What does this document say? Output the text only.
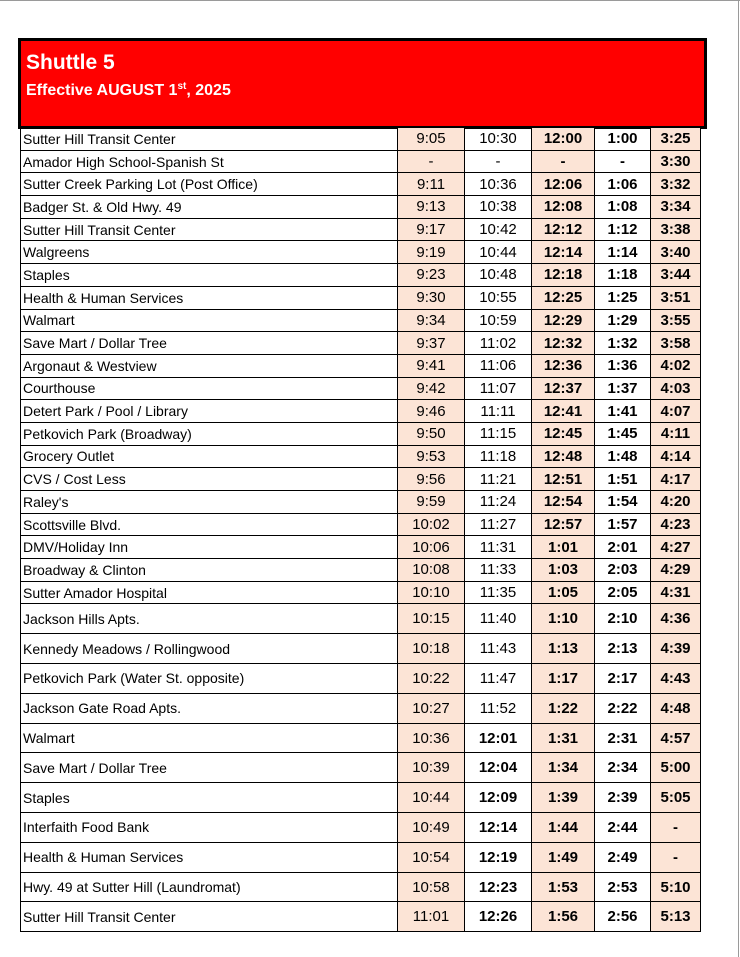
Shuttle 5
Effective AUGUST 1st, 2025
Sutter Hill Transit Center	9:05	10:30	12:00	1:00	3:25
Amador High School-Spanish St	-	-	-	-	3:30
Sutter Creek Parking Lot (Post Office)	9:11	10:36	12:06	1:06	3:32
Badger St. & Old Hwy. 49	9:13	10:38	12:08	1:08	3:34
Sutter Hill Transit Center	9:17	10:42	12:12	1:12	3:38
Walgreens	9:19	10:44	12:14	1:14	3:40
Staples	9:23	10:48	12:18	1:18	3:44
Health & Human Services	9:30	10:55	12:25	1:25	3:51
Walmart	9:34	10:59	12:29	1:29	3:55
Save Mart / Dollar Tree	9:37	11:02	12:32	1:32	3:58
Argonaut & Westview	9:41	11:06	12:36	1:36	4:02
Courthouse	9:42	11:07	12:37	1:37	4:03
Detert Park / Pool / Library	9:46	11:11	12:41	1:41	4:07
Petkovich Park (Broadway)	9:50	11:15	12:45	1:45	4:11
Grocery Outlet	9:53	11:18	12:48	1:48	4:14
CVS / Cost Less	9:56	11:21	12:51	1:51	4:17
Raley's	9:59	11:24	12:54	1:54	4:20
Scottsville Blvd.	10:02	11:27	12:57	1:57	4:23
DMV/Holiday Inn	10:06	11:31	1:01	2:01	4:27
Broadway & Clinton	10:08	11:33	1:03	2:03	4:29
Sutter Amador Hospital	10:10	11:35	1:05	2:05	4:31
Jackson Hills Apts.	10:15	11:40	1:10	2:10	4:36
Kennedy Meadows / Rollingwood	10:18	11:43	1:13	2:13	4:39
Petkovich Park (Water St. opposite)	10:22	11:47	1:17	2:17	4:43
Jackson Gate Road Apts.	10:27	11:52	1:22	2:22	4:48
Walmart	10:36	12:01	1:31	2:31	4:57
Save Mart / Dollar Tree	10:39	12:04	1:34	2:34	5:00
Staples	10:44	12:09	1:39	2:39	5:05
Interfaith Food Bank	10:49	12:14	1:44	2:44	-
Health & Human Services	10:54	12:19	1:49	2:49	-
Hwy. 49 at Sutter Hill (Laundromat)	10:58	12:23	1:53	2:53	5:10
Sutter Hill Transit Center	11:01	12:26	1:56	2:56	5:13
